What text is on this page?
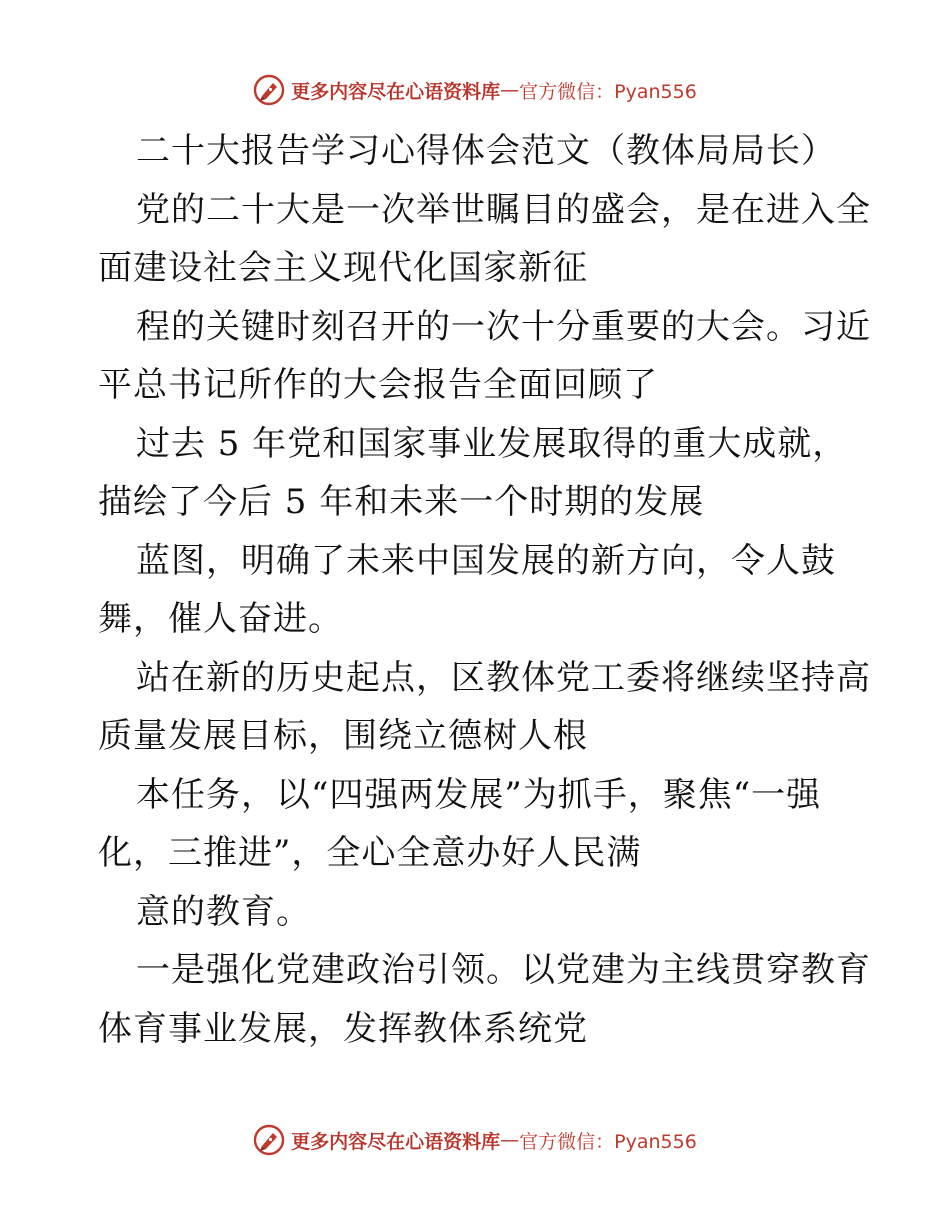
更多内容尽在心语资料库 — 官方微信：Pyan556
二十大报告学习心得体会范文（教体局局长）
党的二十大是一次举世瞩目的盛会，是在进入全
面建设社会主义现代化国家新征
程的关键时刻召开的一次十分重要的大会。习近
平总书记所作的大会报告全面回顾了
过去 5 年党和国家事业发展取得的重大成就，
描绘了今后 5 年和未来一个时期的发展
蓝图，明确了未来中国发展的新方向，令人鼓
舞，催人奋进。
站在新的历史起点，区教体党工委将继续坚持高
质量发展目标，围绕立德树人根
本任务，以“四强两发展”为抓手，聚焦“一强
化，三推进”，全心全意办好人民满
意的教育。
一是强化党建政治引领。以党建为主线贯穿教育
体育事业发展，发挥教体系统党
更多内容尽在心语资料库 — 官方微信：Pyan556
